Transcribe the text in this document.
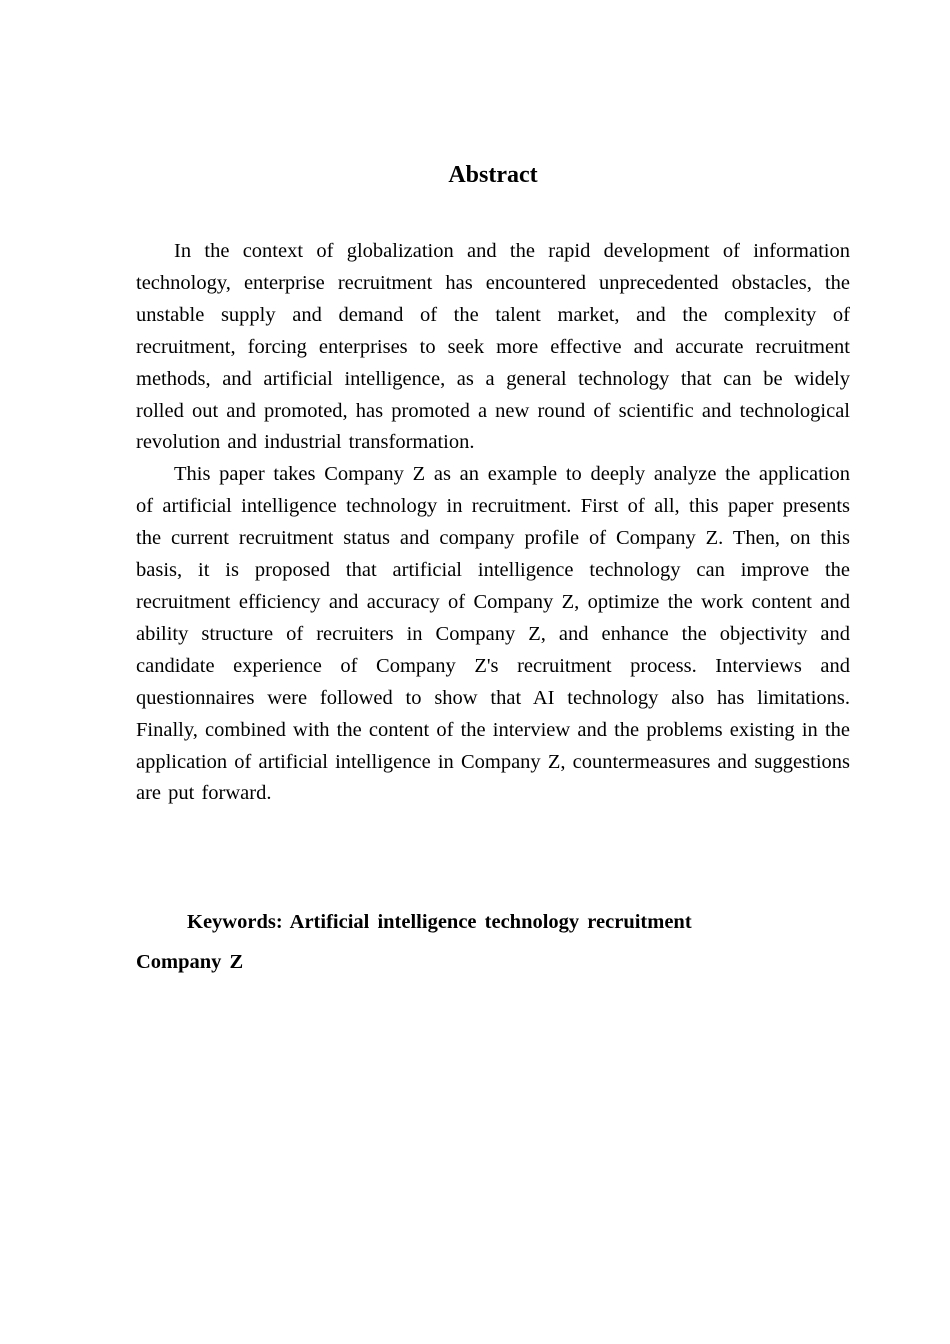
Abstract

In the context of globalization and the rapid development of information technology, enterprise recruitment has encountered unprecedented obstacles, the unstable supply and demand of the talent market, and the complexity of recruitment, forcing enterprises to seek more effective and accurate recruitment methods, and artificial intelligence, as a general technology that can be widely rolled out and promoted, has promoted a new round of scientific and technological revolution and industrial transformation.

This paper takes Company Z as an example to deeply analyze the application of artificial intelligence technology in recruitment. First of all, this paper presents the current recruitment status and company profile of Company Z. Then, on this basis, it is proposed that artificial intelligence technology can improve the recruitment efficiency and accuracy of Company Z, optimize the work content and ability structure of recruiters in Company Z, and enhance the objectivity and candidate experience of Company Z's recruitment process. Interviews and questionnaires were followed to show that AI technology also has limitations. Finally, combined with the content of the interview and the problems existing in the application of artificial intelligence in Company Z, countermeasures and suggestions are put forward.

Keywords: Artificial intelligence technology recruitment Company Z
